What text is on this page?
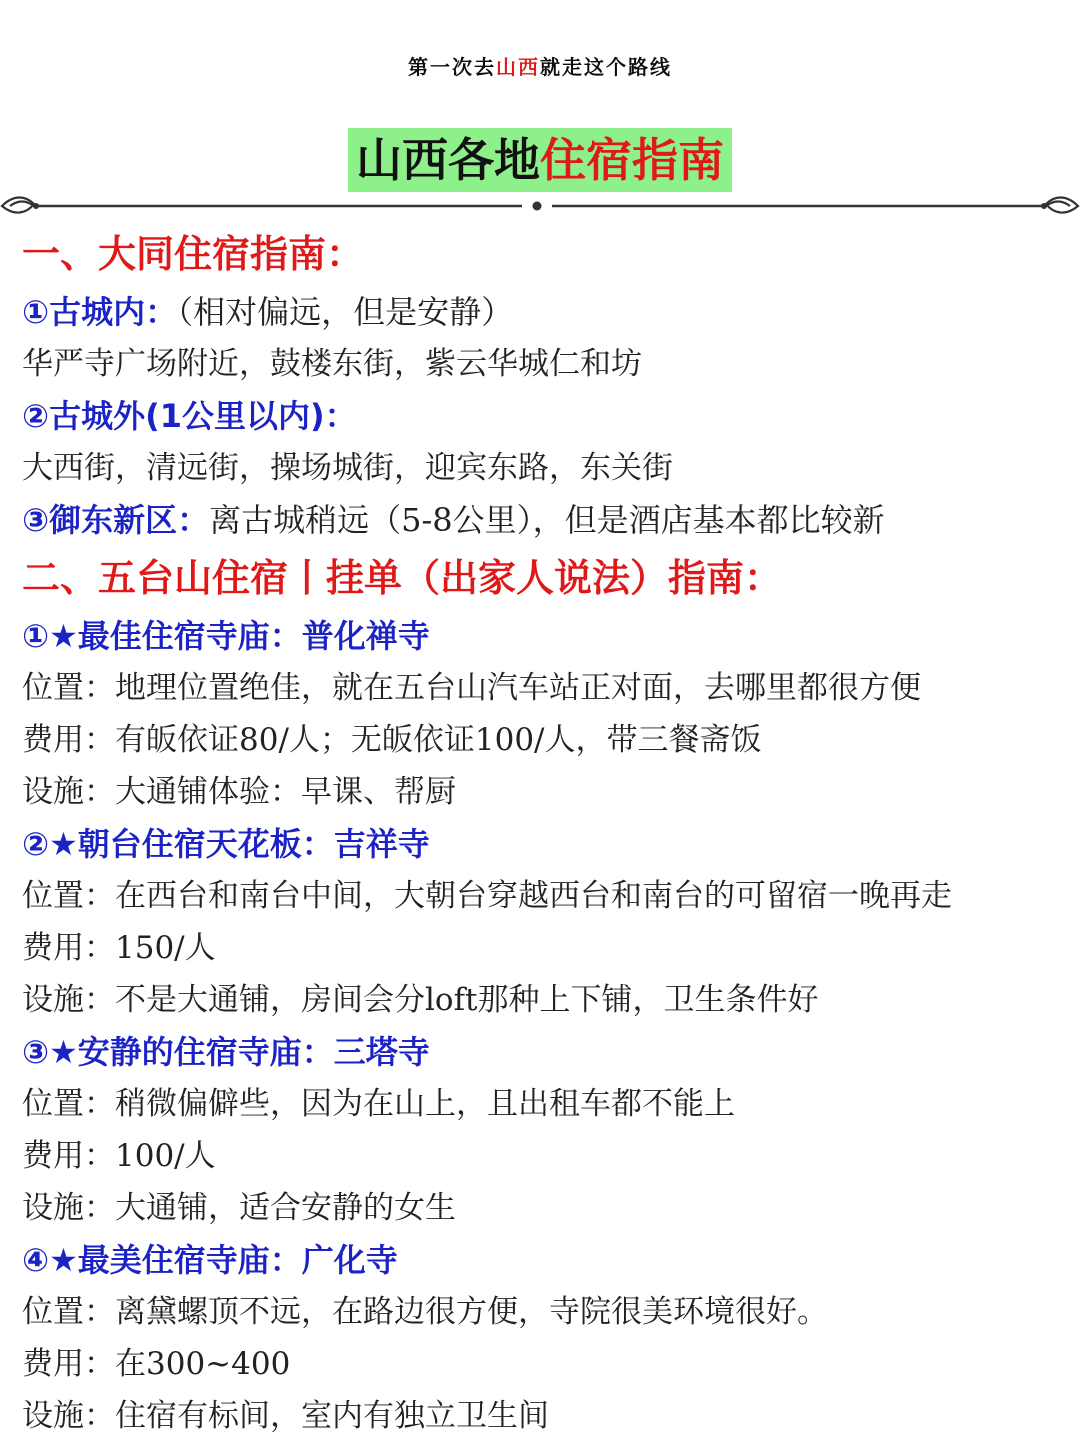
第一次去山西就走这个路线
山西各地住宿指南
一、大同住宿指南：
①古城内：（相对偏远，但是安静）
华严寺广场附近，鼓楼东街，紫云华城仁和坊
②古城外(1公里以内)：
大西街，清远街，操场城街，迎宾东路，东关街
③御东新区：离古城稍远（5-8公里），但是酒店基本都比较新
二、五台山住宿丨挂单（出家人说法）指南：
①★最佳住宿寺庙：普化禅寺
位置：地理位置绝佳，就在五台山汽车站正对面，去哪里都很方便
费用：有皈依证80/人；无皈依证100/人，带三餐斋饭
设施：大通铺体验：早课、帮厨
②★朝台住宿天花板：吉祥寺
位置：在西台和南台中间，大朝台穿越西台和南台的可留宿一晚再走
费用：150/人
设施：不是大通铺，房间会分loft那种上下铺，卫生条件好
③★安静的住宿寺庙：三塔寺
位置：稍微偏僻些，因为在山上，且出租车都不能上
费用：100/人
设施：大通铺，适合安静的女生
④★最美住宿寺庙：广化寺
位置：离黛螺顶不远，在路边很方便，寺院很美环境很好。
费用：在300~400
设施：住宿有标间，室内有独立卫生间
